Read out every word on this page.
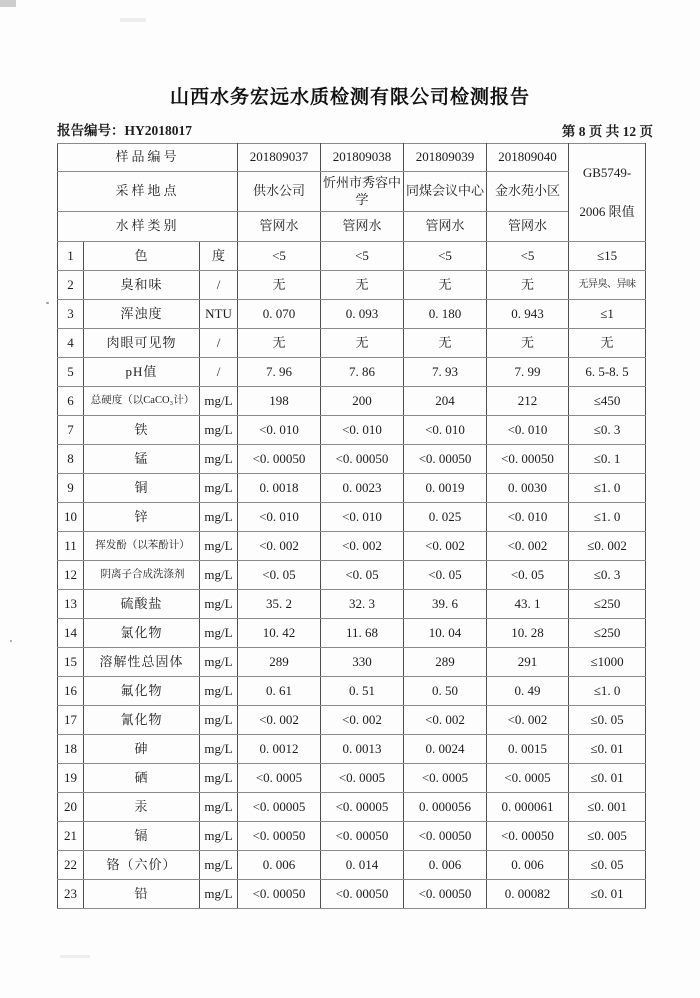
山西水务宏远水质检测有限公司检测报告
报告编号：HY2018017	第 8 页 共 12 页
样品编号			201809037	201809038	201809039	201809040	GB5749-
2006 限值

采样地点			供水公司	忻州市秀容中学	同煤会议中心	金水苑小区	
水样类别			管网水	管网水	管网水	管网水	
1	色	度	<5	<5	<5	<5	≤15
2	臭和味	/	无	无	无	无	无异臭、异味
3	浑浊度	NTU	0. 070	0. 093	0. 180	0. 943	≤1
4	肉眼可见物	/	无	无	无	无	无
5	pH值	/	7. 96	7. 86	7. 93	7. 99	6. 5-8. 5
6	总硬度（以CaCO₃计）	mg/L	198	200	204	212	≤450
7	铁	mg/L	<0. 010	<0. 010	<0. 010	<0. 010	≤0. 3
8	锰	mg/L	<0. 00050	<0. 00050	<0. 00050	<0. 00050	≤0. 1
9	铜	mg/L	0. 0018	0. 0023	0. 0019	0. 0030	≤1. 0
10	锌	mg/L	<0. 010	<0. 010	0. 025	<0. 010	≤1. 0
11	挥发酚（以苯酚计）	mg/L	<0. 002	<0. 002	<0. 002	<0. 002	≤0. 002
12	阴离子合成洗涤剂	mg/L	<0. 05	<0. 05	<0. 05	<0. 05	≤0. 3
13	硫酸盐	mg/L	35. 2	32. 3	39. 6	43. 1	≤250
14	氯化物	mg/L	10. 42	11. 68	10. 04	10. 28	≤250
15	溶解性总固体	mg/L	289	330	289	291	≤1000
16	氟化物	mg/L	0. 61	0. 51	0. 50	0. 49	≤1. 0
17	氰化物	mg/L	<0. 002	<0. 002	<0. 002	<0. 002	≤0. 05
18	砷	mg/L	0. 0012	0. 0013	0. 0024	0. 0015	≤0. 01
19	硒	mg/L	<0. 0005	<0. 0005	<0. 0005	<0. 0005	≤0. 01
20	汞	mg/L	<0. 00005	<0. 00005	0. 000056	0. 000061	≤0. 001
21	镉	mg/L	<0. 00050	<0. 00050	<0. 00050	<0. 00050	≤0. 005
22	铬（六价）	mg/L	0. 006	0. 014	0. 006	0. 006	≤0. 05
23	铅	mg/L	<0. 00050	<0. 00050	<0. 00050	0. 00082	≤0. 01
